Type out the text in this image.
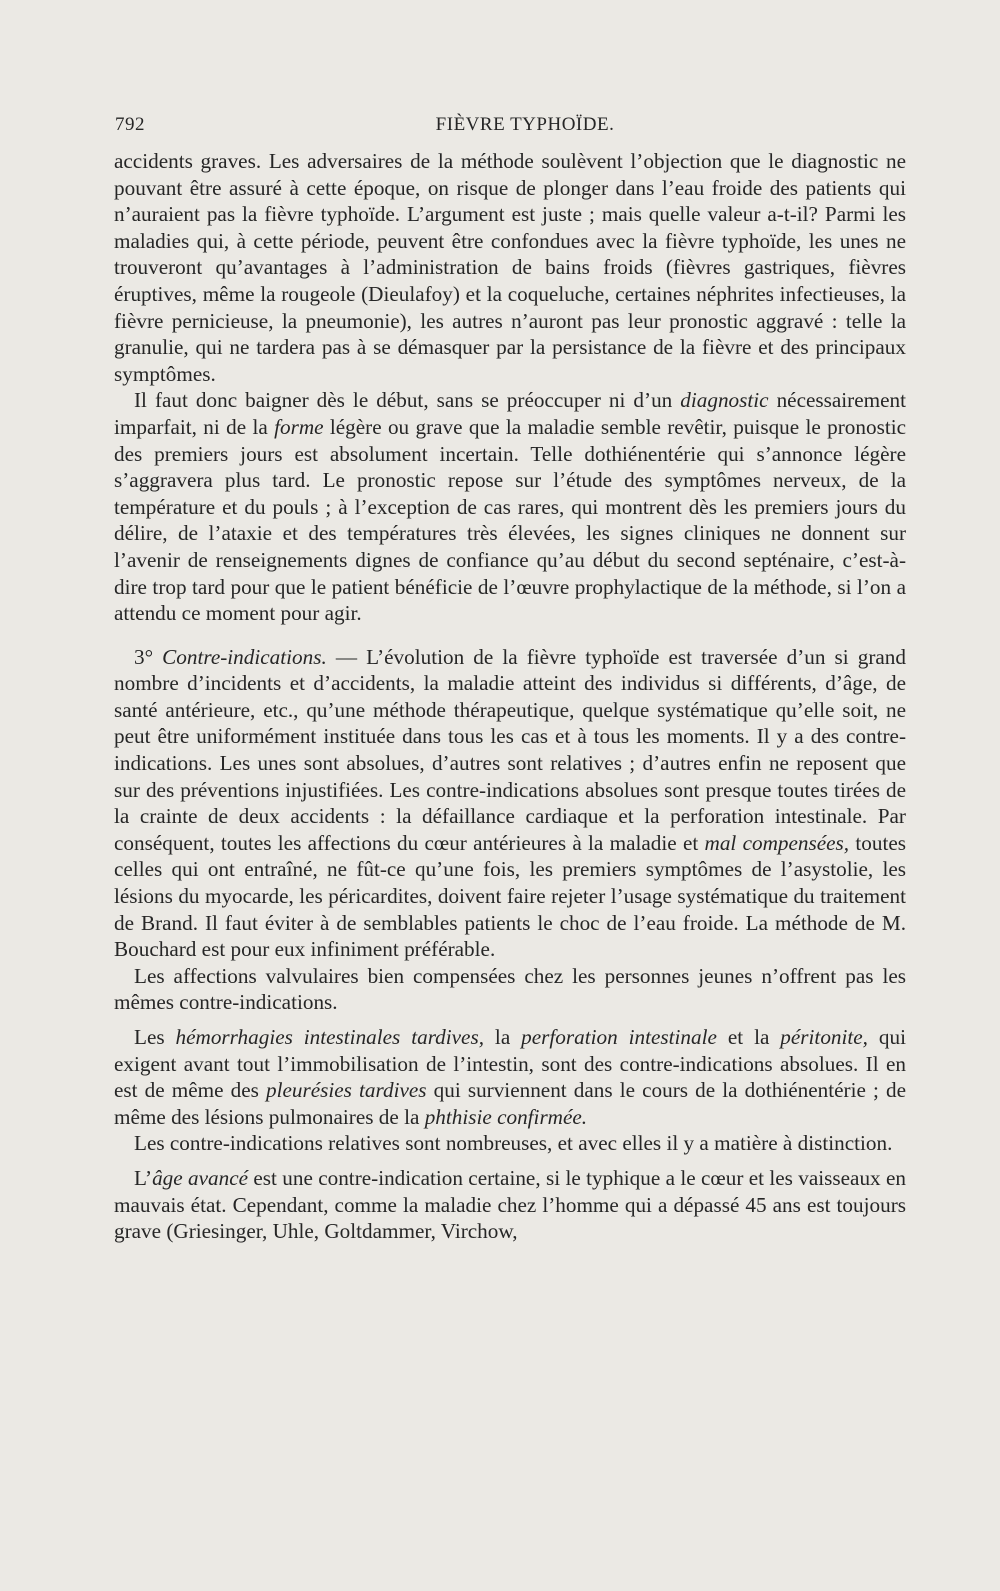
792	FIÈVRE TYPHOÏDE.

accidents graves. Les adversaires de la méthode soulèvent l’objection que le diagnostic ne pouvant être assuré à cette époque, on risque de plonger dans l’eau froide des patients qui n’auraient pas la fièvre typhoïde. L’argument est juste ; mais quelle valeur a-t-il? Parmi les maladies qui, à cette période, peuvent être confondues avec la fièvre typhoïde, les unes ne trouveront qu’avantages à l’administration de bains froids (fièvres gastriques, fièvres éruptives, même la rougeole (Dieulafoy) et la coqueluche, certaines néphrites infectieuses, la fièvre pernicieuse, la pneumonie), les autres n’auront pas leur pronostic aggravé : telle la granulie, qui ne tardera pas à se démasquer par la persistance de la fièvre et des principaux symptômes.

Il faut donc baigner dès le début, sans se préoccuper ni d’un diagnostic nécessairement imparfait, ni de la forme légère ou grave que la maladie semble revêtir, puisque le pronostic des premiers jours est absolument incertain. Telle dothiénentérie qui s’annonce légère s’aggravera plus tard. Le pronostic repose sur l’étude des symptômes nerveux, de la température et du pouls ; à l’exception de cas rares, qui montrent dès les premiers jours du délire, de l’ataxie et des températures très élevées, les signes cliniques ne donnent sur l’avenir de renseignements dignes de confiance qu’au début du second septénaire, c’est-à-dire trop tard pour que le patient bénéficie de l’œuvre prophylactique de la méthode, si l’on a attendu ce moment pour agir.

3° Contre-indications. — L’évolution de la fièvre typhoïde est traversée d’un si grand nombre d’incidents et d’accidents, la maladie atteint des individus si différents, d’âge, de santé antérieure, etc., qu’une méthode thérapeutique, quelque systématique qu’elle soit, ne peut être uniformément instituée dans tous les cas et à tous les moments. Il y a des contre-indications. Les unes sont absolues, d’autres sont relatives ; d’autres enfin ne reposent que sur des préventions injustifiées. Les contre-indications absolues sont presque toutes tirées de la crainte de deux accidents : la défaillance cardiaque et la perforation intestinale. Par conséquent, toutes les affections du cœur antérieures à la maladie et mal compensées, toutes celles qui ont entraîné, ne fût-ce qu’une fois, les premiers symptômes de l’asystolie, les lésions du myocarde, les péricardites, doivent faire rejeter l’usage systématique du traitement de Brand. Il faut éviter à de semblables patients le choc de l’eau froide. La méthode de M. Bouchard est pour eux infiniment préférable.

Les affections valvulaires bien compensées chez les personnes jeunes n’offrent pas les mêmes contre-indications.

Les hémorrhagies intestinales tardives, la perforation intestinale et la péritonite, qui exigent avant tout l’immobilisation de l’intestin, sont des contre-indications absolues. Il en est de même des pleurésies tardives qui surviennent dans le cours de la dothiénentérie ; de même des lésions pulmonaires de la phthisie confirmée.

Les contre-indications relatives sont nombreuses, et avec elles il y a matière à distinction.

L’âge avancé est une contre-indication certaine, si le typhique a le cœur et les vaisseaux en mauvais état. Cependant, comme la maladie chez l’homme qui a dépassé 45 ans est toujours grave (Griesinger, Uhle, Goltdammer, Virchow,
